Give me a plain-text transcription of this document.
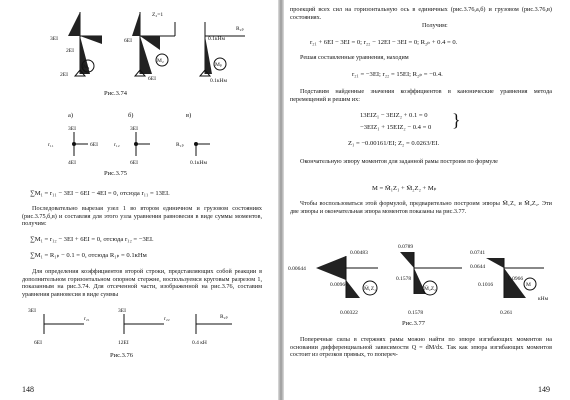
3EI
2EI
2EI
M₁
Z₂=1
6EI
6EI
M₂
0.1кНм
0.1кНм
Mₚ
R₂ₚ
Рис.3.74
а)	б)	в)
r₁₁
3EI
6EI
4EI
r₁₂
3EI
6EI
R₁ₚ
0.1кНм
Рис.3.75
∑M₁ = r₁₁ − 3EI − 6EI − 4EI = 0, отсюда r₁₁ = 13EI.
Последовательно вырезая узел 1 во втором единичном и грузовом состояниях (рис.3.75,б,в) и составляя для этого узла уравнения равновесия в виде суммы моментов, получим:
∑M₁ = r₁₂ − 3EI + 6EI = 0, отсюда r₁₂ = −3EI.
∑M₁ = R₁ₚ − 0.1 = 0, отсюда R₁ₚ = 0.1кНм
Для определения коэффициентов второй строки, представляющих собой реакции в дополнительном горизонтальном опорном стержне, воспользуемся круговым разрезом 1, показанным на рис.3.74. Для отсеченной части, изображенной на рис.3.76, составим уравнения равновесия в виде суммы
3EI
6EI
r₂₁
3EI
12EI
r₂₂	R₂ₚ
0.4 кН
Рис.3.76
148
проекций всех сил на горизонтальную ось в единичных (рис.3.76,а,б) и грузовом (рис.3.76,в) состояниях.
Получим:
r₂₁ + 6EI − 3EI = 0; r₂₂ − 12EI − 3EI = 0; R₂ₚ + 0.4 = 0.
Решая составленные уравнения, находим
r₂₁ = −3EI; r₂₂ = 15EI; R₂ₚ = −0.4.
Подставим найденные значения коэффициентов в канонические уравнения метода перемещений и решим их:
13EIZ₁ − 3EIZ₂ + 0.1 = 0
−3EIZ₁ + 15EIZ₂ − 0.4 = 0 }
Z₁ = −0.00161/EI; Z₂ = 0.0263/EI.
Окончательную эпюру моментов для заданной рамы построим по формуле
M = M̄₁Z₁ + M̄₂Z₂ + Mₚ
Чтобы воспользоваться этой формулой, предварительно построим эпюры M̄₁Z₁ и M̄₂Z₂. Эти две эпюры и окончательная эпюра моментов показаны на рис.3.77.
0.00483
0.00644
0.00966
0.00322
M̄₁Z₁
0.0789
0.1578
0.1578
M̄₂Z₂
0.0741
0.0644
0.1016
0.0966
0.261
M
кНм
Рис.3.77
Поперечные силы в стержнях рамы можно найти по эпюре изгибающих моментов на основании дифференциальной зависимости Q = dM/dx. Так как эпюра изгибающих моментов состоит из отрезков прямых, то попереч-
149
